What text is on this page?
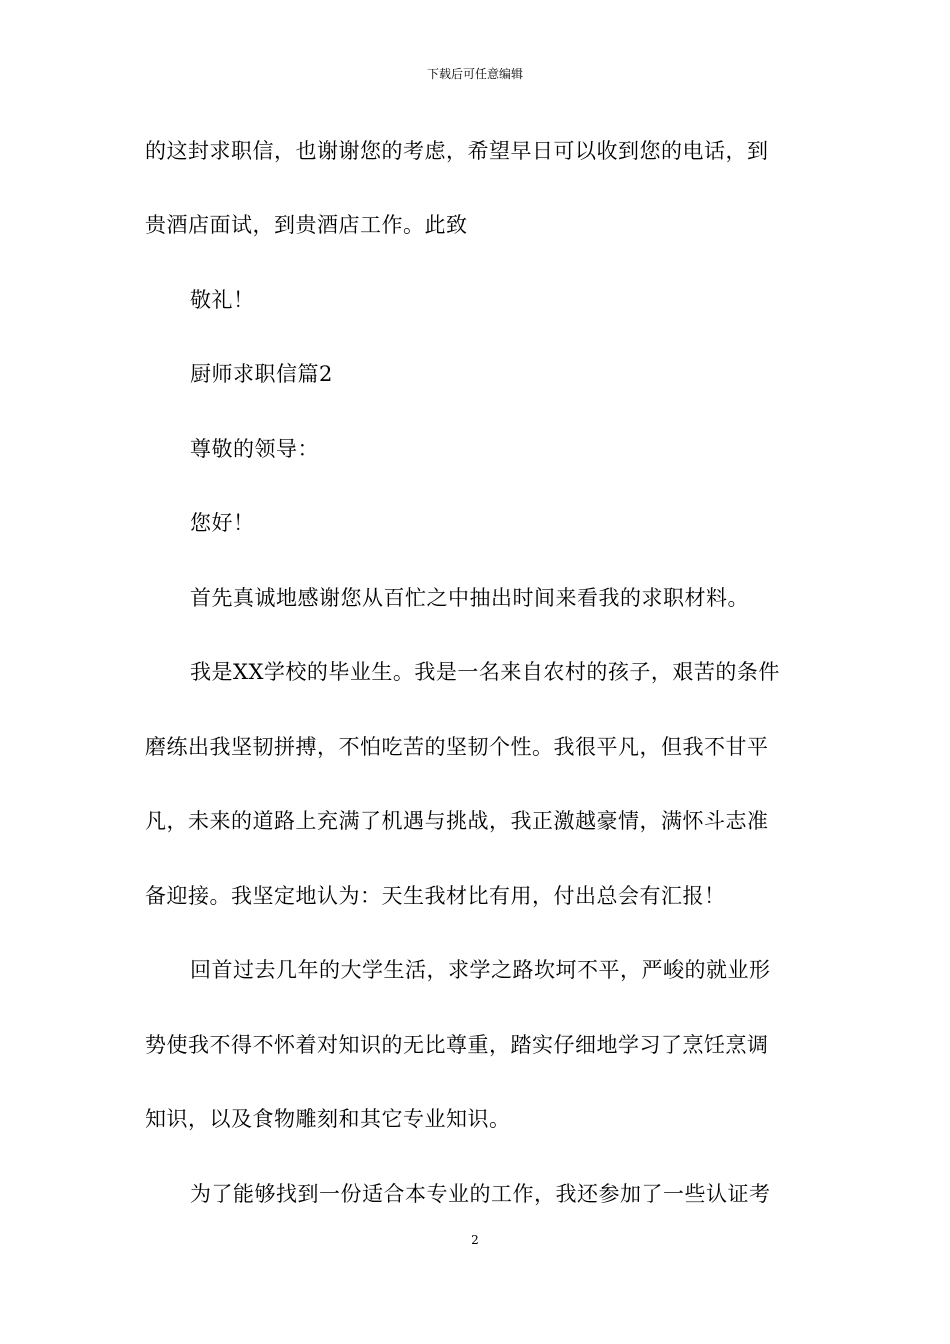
下载后可任意编辑
的这封求职信，也谢谢您的考虑，希望早日可以收到您的电话，到
贵酒店面试，到贵酒店工作。此致
敬礼！
厨师求职信篇2
尊敬的领导：
您好！
首先真诚地感谢您从百忙之中抽出时间来看我的求职材料。
我是XX学校的毕业生。我是一名来自农村的孩子，艰苦的条件
磨练出我坚韧拼搏，不怕吃苦的坚韧个性。我很平凡，但我不甘平
凡，未来的道路上充满了机遇与挑战，我正激越豪情，满怀斗志准
备迎接。我坚定地认为：天生我材比有用，付出总会有汇报！
回首过去几年的大学生活，求学之路坎坷不平，严峻的就业形
势使我不得不怀着对知识的无比尊重，踏实仔细地学习了烹饪烹调
知识，以及食物雕刻和其它专业知识。
为了能够找到一份适合本专业的工作，我还参加了一些认证考
2
